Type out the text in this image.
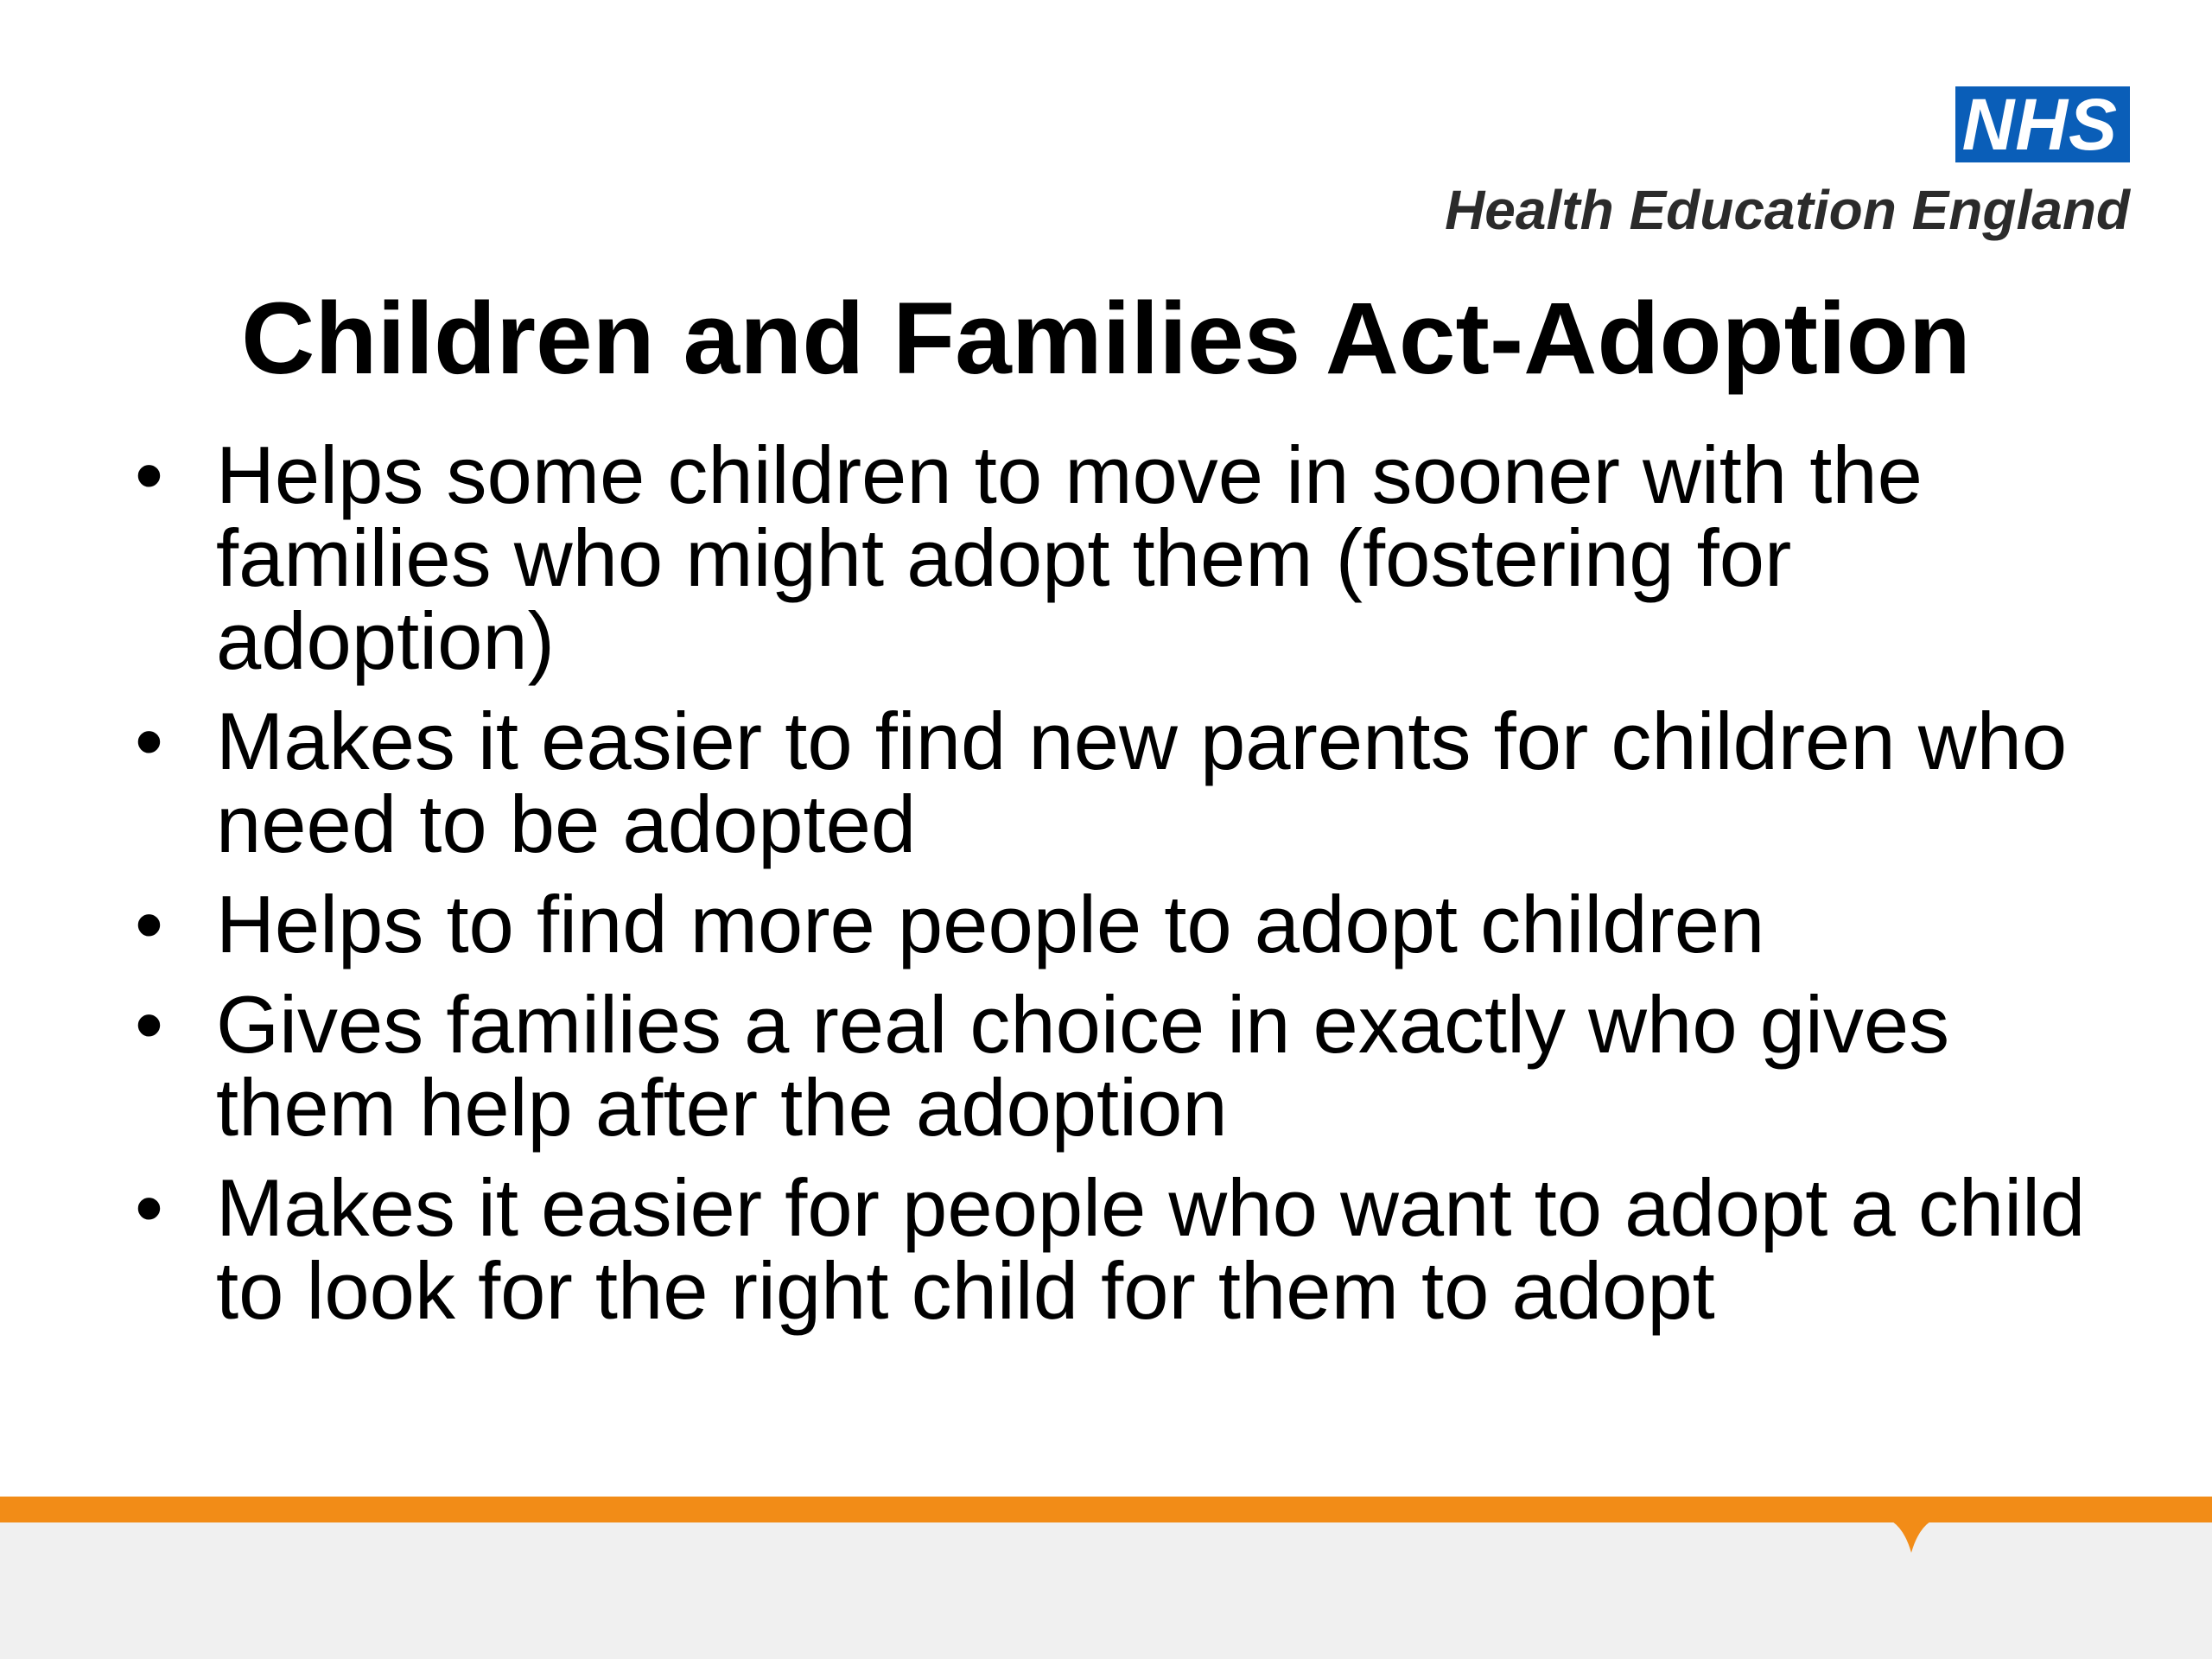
NHS
Health Education England
Children and Families Act-Adoption
• Helps some children to move in sooner with the families who might adopt them (fostering for adoption)
• Makes it easier to find new parents for children who need to be adopted
• Helps to find more people to adopt children
• Gives families a real choice in exactly who gives them help after the adoption
• Makes it easier for people who want to adopt a child to look for the right child for them to adopt
